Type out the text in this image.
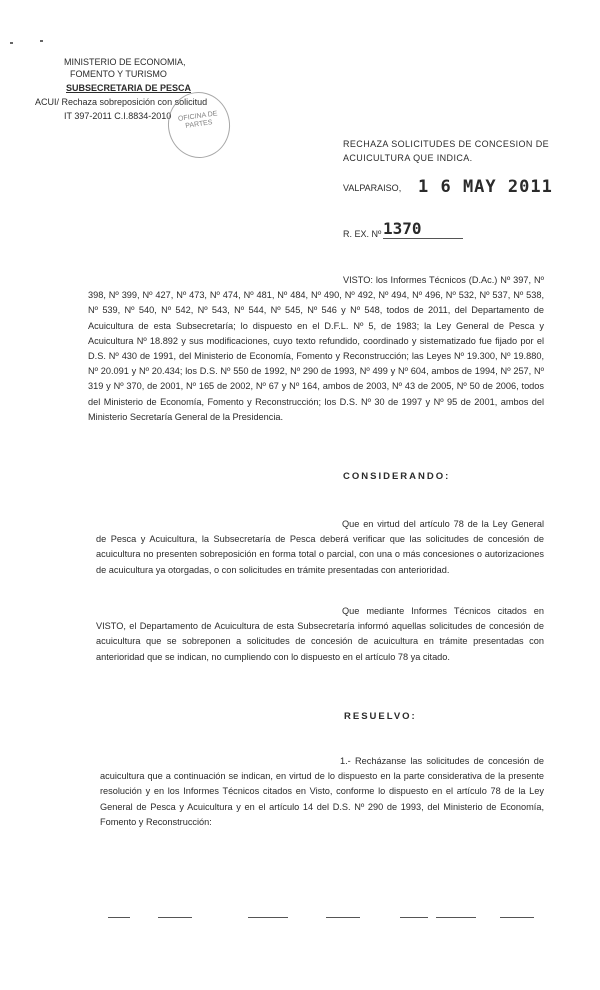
MINISTERIO DE ECONOMIA,
FOMENTO Y TURISMO
SUBSECRETARIA DE PESCA
ACUI/ Rechaza sobreposición con solicitud
IT 397-2011 C.I.8834-2010 OFICINA DE PARTES
RECHAZA SOLICITUDES DE CONCESION DE
ACUICULTURA QUE INDICA.
VALPARAISO, 1 6 MAY 2011
R. EX. Nº 1370
VISTO: los Informes Técnicos (D.Ac.) Nº 397, Nº 398, Nº 399, Nº 427, Nº 473, Nº 474, Nº 481, Nº 484, Nº 490, Nº 492, Nº 494, Nº 496, Nº 532, Nº 537, Nº 538, Nº 539, Nº 540, Nº 542, Nº 543, Nº 544, Nº 545, Nº 546 y Nº 548, todos de 2011, del Departamento de Acuicultura de esta Subsecretaría; lo dispuesto en el D.F.L. Nº 5, de 1983; la Ley General de Pesca y Acuicultura Nº 18.892 y sus modificaciones, cuyo texto refundido, coordinado y sistematizado fue fijado por el D.S. Nº 430 de 1991, del Ministerio de Economía, Fomento y Reconstrucción; las Leyes Nº 19.300, Nº 19.880, Nº 20.091 y Nº 20.434; los D.S. Nº 550 de 1992, Nº 290 de 1993, Nº 499 y Nº 604, ambos de 1994, Nº 257, Nº 319 y Nº 370, de 2001, Nº 165 de 2002, Nº 67 y Nº 164, ambos de 2003, Nº 43 de 2005, Nº 50 de 2006, todos del Ministerio de Economía, Fomento y Reconstrucción; los D.S. Nº 30 de 1997 y Nº 95 de 2001, ambos del Ministerio Secretaría General de la Presidencia.
CONSIDERANDO:
Que en virtud del artículo 78 de la Ley General de Pesca y Acuicultura, la Subsecretaría de Pesca deberá verificar que las solicitudes de concesión de acuicultura no presenten sobreposición en forma total o parcial, con una o más concesiones o autorizaciones de acuicultura ya otorgadas, o con solicitudes en trámite presentadas con anterioridad.
Que mediante Informes Técnicos citados en VISTO, el Departamento de Acuicultura de esta Subsecretaría informó aquellas solicitudes de concesión de acuicultura que se sobreponen a solicitudes de concesión de acuicultura en trámite presentadas con anterioridad que se indican, no cumpliendo con lo dispuesto en el artículo 78 ya citado.
RESUELVO:
1.- Recházanse las solicitudes de concesión de acuicultura que a continuación se indican, en virtud de lo dispuesto en la parte considerativa de la presente resolución y en los Informes Técnicos citados en Visto, conforme lo dispuesto en el artículo 78 de la Ley General de Pesca y Acuicultura y en el artículo 14 del D.S. Nº 290 de 1993, del Ministerio de Economía, Fomento y Reconstrucción:
